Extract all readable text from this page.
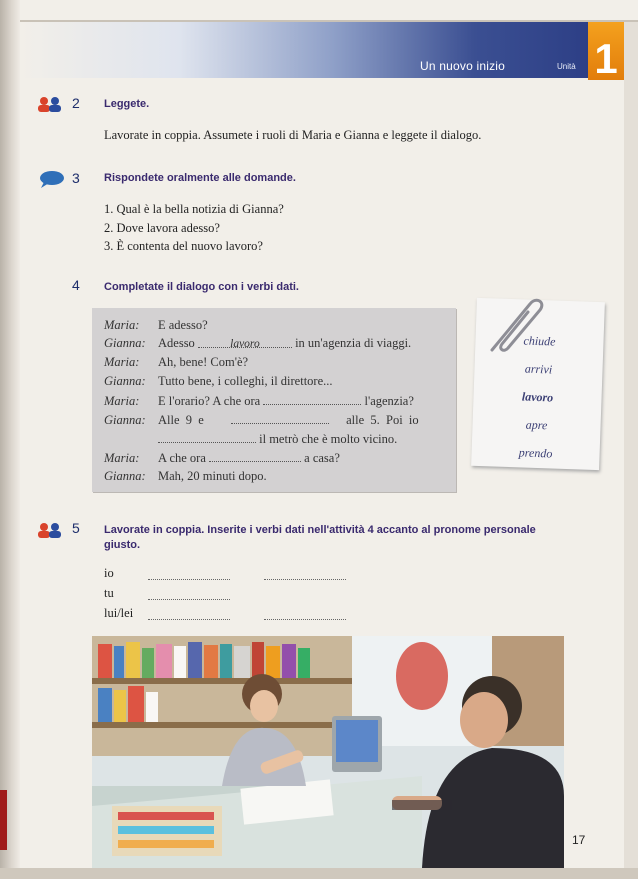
Un nuovo inizio	Unità 1
2 Leggete.
Lavorate in coppia. Assumete i ruoli di Maria e Gianna e leggete il dialogo.
3 Rispondete oralmente alle domande.
1. Qual è la bella notizia di Gianna?
2. Dove lavora adesso?
3. È contenta del nuovo lavoro?
4 Completate il dialogo con i verbi dati.
Maria: E adesso?
Gianna: Adesso	lavoro	in un'agenzia di viaggi.
Maria: Ah, bene! Com'è?
Gianna: Tutto bene, i colleghi, il direttore...
Maria: E l'orario? A che ora	l'agenzia?
Gianna: Alle  9  e	alle  5.  Poi  io
il metrò che è molto vicino.
Maria: A che ora	a casa?
Gianna: Mah, 20 minuti dopo.
chiude
arrivi
lavoro
apre
prendo
5 Lavorate in coppia. Inserite i verbi dati nell'attività 4 accanto al pronome personale
giusto.
io
tu
lui/lei
17
